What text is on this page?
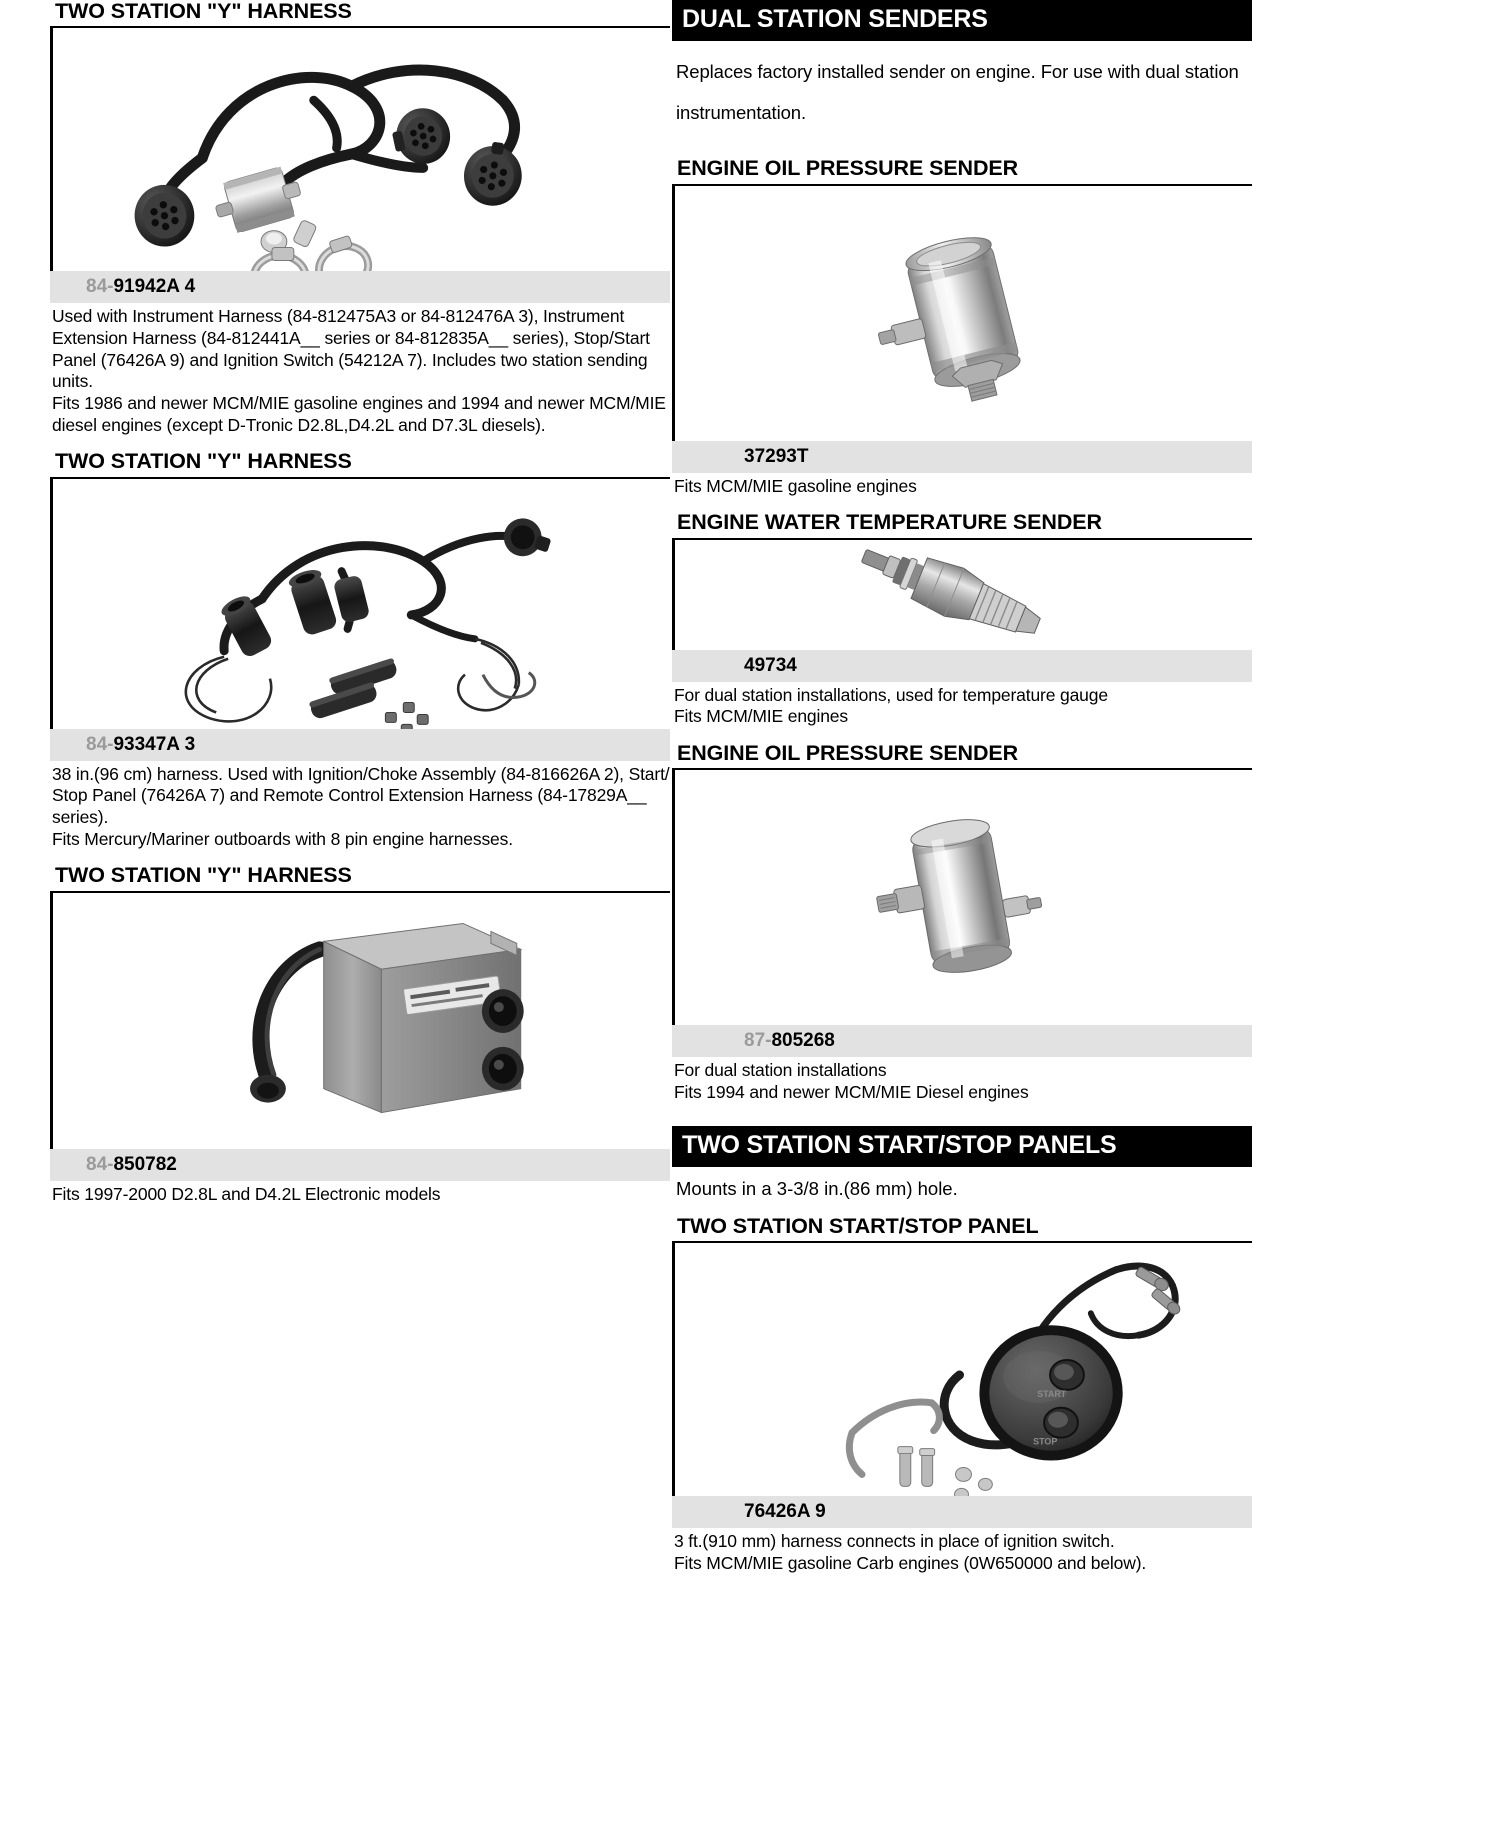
TWO STATION "Y" HARNESS
84-91942A 4

Used with Instrument Harness (84-812475A3 or 84-812476A 3), Instrument

Extension Harness (84-812441A__ series or 84-812835A__ series), Stop/Start

Panel (76426A 9) and Ignition Switch (54212A 7). Includes two station sending

units.

Fits 1986 and newer MCM/MIE gasoline engines and 1994 and newer MCM/MIE

diesel engines (except D-Tronic D2.8L,D4.2L and D7.3L diesels).

TWO STATION "Y" HARNESS
84-93347A 3

38 in.(96 cm) harness. Used with Ignition/Choke Assembly (84-816626A 2), Start/

Stop Panel (76426A 7) and Remote Control Extension Harness (84-17829A__

series).

Fits Mercury/Mariner outboards with 8 pin engine harnesses.

TWO STATION "Y" HARNESS
84-850782

Fits 1997-2000 D2.8L and D4.2L Electronic models

DUAL STATION SENDERS

Replaces factory installed sender on engine. For use with dual station

instrumentation.

ENGINE OIL PRESSURE SENDER
37293T

Fits MCM/MIE gasoline engines

ENGINE WATER TEMPERATURE SENDER
49734

For dual station installations, used for temperature gauge

Fits MCM/MIE engines

ENGINE OIL PRESSURE SENDER
87-805268

For dual station installations

Fits 1994 and newer MCM/MIE Diesel engines

TWO STATION START/STOP PANELS
Mounts in a 3-3/8 in.(86 mm) hole.
TWO STATION START/STOP PANEL
START
STOP
76426A 9

3 ft.(910 mm) harness connects in place of ignition switch.

Fits MCM/MIE gasoline Carb engines (0W650000 and below).
